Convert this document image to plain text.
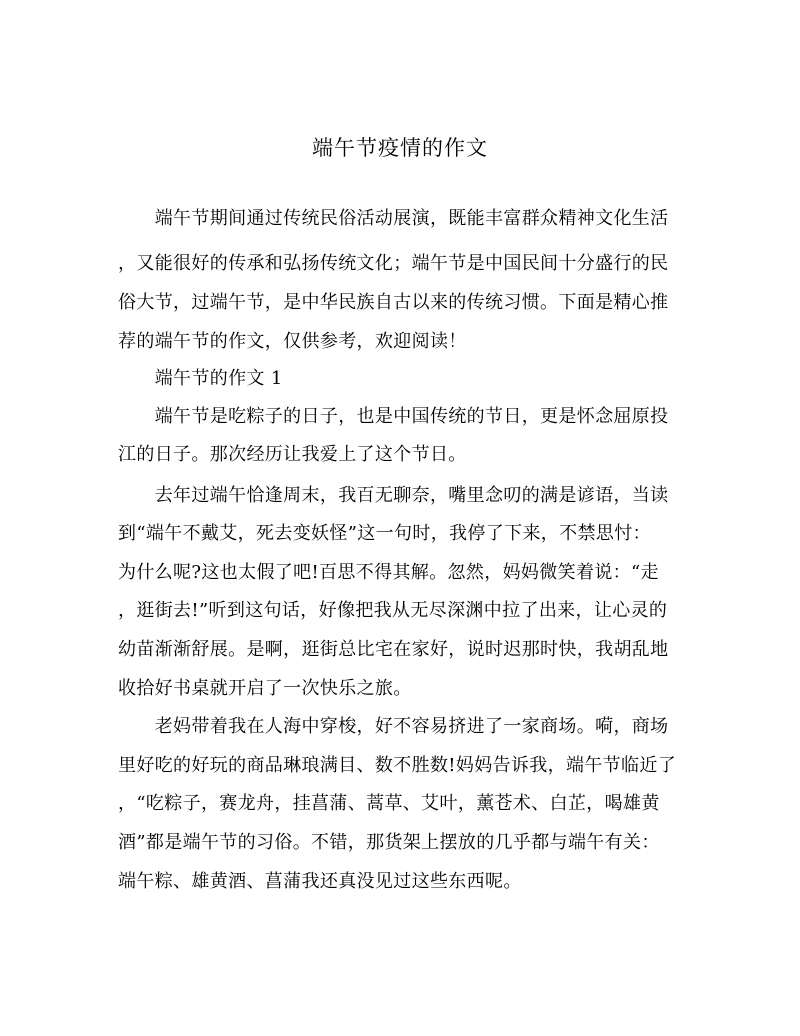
端午节疫情的作文
　　端午节期间通过传统民俗活动展演，既能丰富群众精神文化生活
，又能很好的传承和弘扬传统文化；端午节是中国民间十分盛行的民
俗大节，过端午节，是中华民族自古以来的传统习惯。下面是精心推
荐的端午节的作文，仅供参考，欢迎阅读！
　　端午节的作文 1
　　端午节是吃粽子的日子，也是中国传统的节日，更是怀念屈原投
江的日子。那次经历让我爱上了这个节日。
　　去年过端午恰逢周末，我百无聊奈，嘴里念叨的满是谚语，当读
到“端午不戴艾，死去变妖怪”这一句时，我停了下来，不禁思忖：
为什么呢?这也太假了吧!百思不得其解。忽然，妈妈微笑着说：“走
，逛街去!”听到这句话，好像把我从无尽深渊中拉了出来，让心灵的
幼苗渐渐舒展。是啊，逛街总比宅在家好，说时迟那时快，我胡乱地
收拾好书桌就开启了一次快乐之旅。
　　老妈带着我在人海中穿梭，好不容易挤进了一家商场。嗬，商场
里好吃的好玩的商品琳琅满目、数不胜数!妈妈告诉我，端午节临近了
，“吃粽子，赛龙舟，挂菖蒲、蒿草、艾叶，薰苍术、白芷，喝雄黄
酒”都是端午节的习俗。不错，那货架上摆放的几乎都与端午有关：
端午粽、雄黄酒、菖蒲我还真没见过这些东西呢。
